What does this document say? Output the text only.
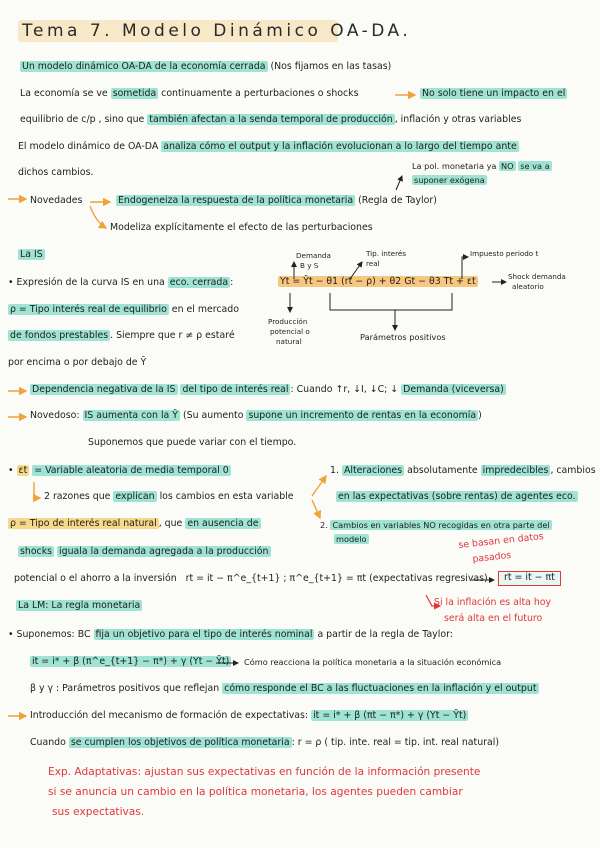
Tema 7. Modelo Dinámico OA-DA.
Un modelo dinámico OA-DA de la economía cerrada (Nos fijamos en las tasas)
La economía se ve sometida continuamente a perturbaciones o shocks	No solo tiene un impacto en el
equilibrio de c/p , sino que también afectan a la senda temporal de producción , inflación y otras variables
El modelo dinámico de OA-DA analiza cómo el output y la inflación evolucionan a lo largo del tiempo ante
dichos cambios.
La pol. monetaria ya NO se va a
suponer exógena
Novedades	Endogeneiza la respuesta de la política monetaria (Regla de Taylor)
Modeliza explícitamente el efecto de las perturbaciones
La IS	Demanda
B y S
Tip. interés
real
Impuesto periodo t
Shock demanda
aleatorio
• Expresión de la curva IS en una eco. cerrada :	Yt = Ȳt − θ1 (rt − ρ) + θ2 Gt − θ3 Tt + εt
Producción
potencial o
natural	Parámetros positivos
ρ = Tipo interés real de equilibrio en el mercado
de fondos prestables . Siempre que r ≠ ρ estaré
por encima o por debajo de Ȳ
Dependencia negativa de la IS del tipo de interés real : Cuando ↑r, ↓I, ↓C; ↓ Demanda (viceversa)
Novedoso: IS aumenta con la Ȳ (Su aumento supone un incremento de rentas en la economía )
Suponemos que puede variar con el tiempo.
• εt = Variable aleatoria de media temporal 0
2 razones que explican los cambios en esta variable
1. Alteraciones absolutamente impredecibles , cambios
en las expectativas (sobre rentas) de agentes eco.
2. Cambios en variables NO recogidas en otra parte del
modelo
ρ = Tipo de interés real natural , que en ausencia de
shocks iguala la demanda agregada a la producción
potencial o el ahorro a la inversión rt = it − π^e_{t+1} ; π^e_{t+1} = πt (expectativas regresivas)	rt = it − πt
se basan en datos
pasados
Si la inflación es alta hoy
será alta en el futuro
La LM: La regla monetaria
• Suponemos: BC fija un objetivo para el tipo de interés nominal a partir de la regla de Taylor:
it = i* + β (π^e_{t+1} − π*) + γ (Yt − Ȳt) Cómo reacciona la política monetaria a la situación económica
β y γ : Parámetros positivos que reflejan cómo responde el BC a las fluctuaciones en la inflación y el output
Introducción del mecanismo de formación de expectativas: it = i* + β (πt − π*) + γ (Yt − Ȳt)
Cuando se cumplen los objetivos de política monetaria : r = ρ ( tip. inte. real = tip. int. real natural)
Exp. Adaptativas: ajustan sus expectativas en función de la información presente
si se anuncia un cambio en la política monetaria, los agentes pueden cambiar
sus expectativas.
